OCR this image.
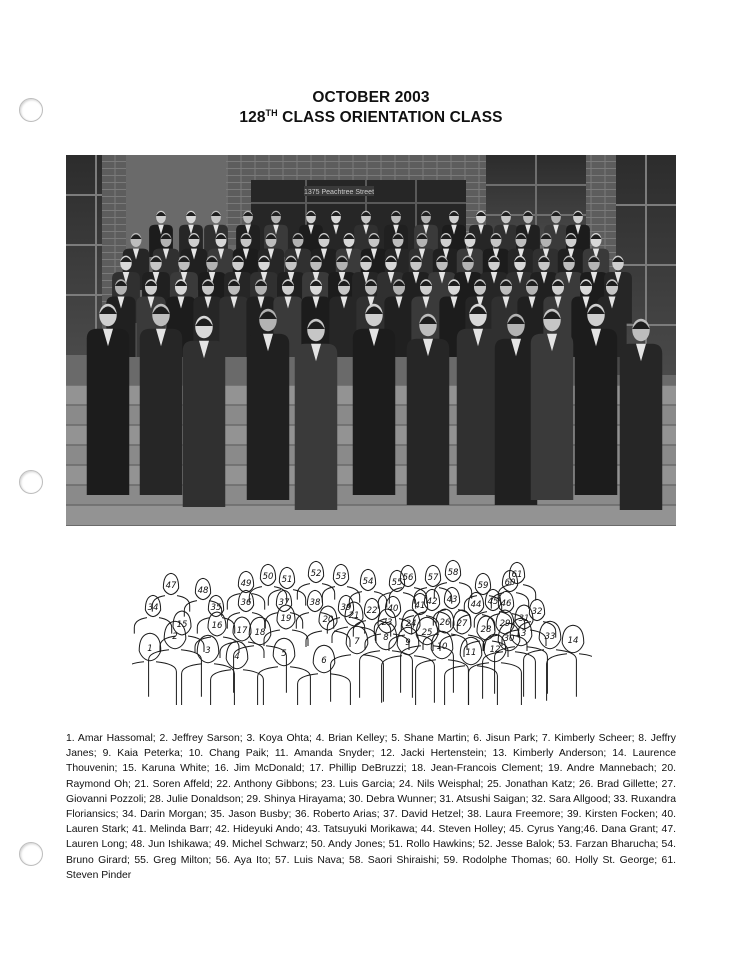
OCTOBER 2003
128TH CLASS ORIENTATION CLASS
1375 Peachtree Street
1
2
3
4	5
6
7	8 9	10
11 12
13
14
15	16 17 18
19	20 21 22
23 24
25
26 27
28
29
30
31
32
33
34	35 36	37 38 39	40 41 42 43 44 45 46
47 48
49
50 51
52 53 54 55 56 57 58
59 60
61
1. Amar Hassomal; 2. Jeffrey Sarson; 3. Koya Ohta; 4. Brian Kelley; 5. Shane Martin; 6. Jisun Park; 7. Kimberly Scheer; 8. Jeffry Janes; 9. Kaia Peterka; 10. Chang Paik; 11. Amanda Snyder; 12. Jacki Hertenstein; 13. Kimberly Anderson; 14. Laurence Thouvenin; 15. Karuna White; 16. Jim McDonald; 17. Phillip DeBruzzi; 18. Jean-Francois Clement; 19. Andre Mannebach; 20. Raymond Oh; 21. Soren Affeld; 22. Anthony Gibbons; 23. Luis Garcia; 24. Nils Weisphal; 25. Jonathan Katz; 26. Brad Gillette; 27. Giovanni Pozzoli; 28. Julie Donaldson; 29. Shinya Hirayama; 30. Debra Wunner; 31. Atsushi Saigan; 32. Sara Allgood; 33. Ruxandra Floriansics; 34. Darin Morgan; 35. Jason Busby; 36. Roberto Arias; 37. David Hetzel; 38. Laura Freemore; 39. Kirsten Focken; 40. Lauren Stark; 41. Melinda Barr; 42. Hideyuki Ando; 43. Tatsuyuki Morikawa; 44. Steven Holley; 45. Cyrus Yang;46. Dana Grant; 47. Lauren Long; 48. Jun Ishikawa; 49. Michel Schwarz; 50. Andy Jones; 51. Rollo Hawkins; 52. Jesse Balok; 53. Farzan Bharucha; 54. Bruno Girard; 55. Greg Milton; 56. Aya Ito; 57. Luis Nava; 58. Saori Shiraishi; 59. Rodolphe Thomas; 60. Holly St. George; 61. Steven Pinder
